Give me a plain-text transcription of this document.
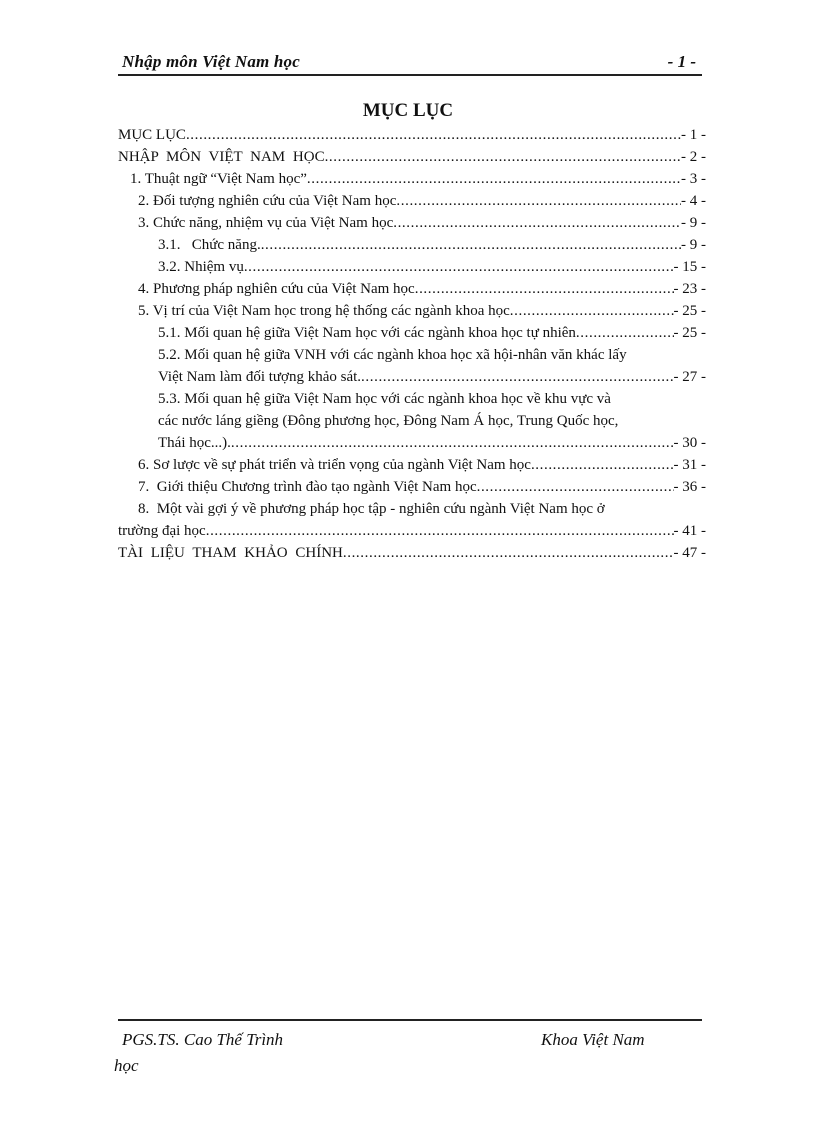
Nhập môn Việt Nam học	- 1 -
MỤC LỤC
MỤC LỤC .....	- 1 -
NHẬP MÔN VIỆT NAM HỌC .....	- 2 -
1. Thuật ngữ “Việt Nam học” .....	- 3 -
2. Đối tượng nghiên cứu của Việt Nam học .....	- 4 -
3. Chức năng, nhiệm vụ của Việt Nam học .....	- 9 -
3.1.   Chức năng. .....	- 9 -
3.2. Nhiệm vụ .....	- 15 -
4. Phương pháp nghiên cứu của Việt Nam học .....	- 23 -
5. Vị trí của Việt Nam học trong hệ thống các ngành khoa học .....	- 25 -
5.1. Mối quan hệ giữa Việt Nam học với các ngành khoa học tự nhiên .....	- 25 -
5.2. Mối quan hệ giữa VNH với các ngành khoa học xã hội-nhân văn khác lấy
Việt Nam làm đối tượng khảo sát. .....	- 27 -
5.3. Mối quan hệ giữa Việt Nam học với các ngành khoa học về khu vực và
các nước láng giềng (Đông phương học, Đông Nam Á học, Trung Quốc học,
Thái học...). .....	- 30 -
6. Sơ lược về sự phát triển và triển vọng của ngành Việt Nam học .....	- 31 -
7.  Giới thiệu Chương trình đào tạo ngành Việt Nam học .....	- 36 -
8.  Một vài gợi ý về phương pháp học tập - nghiên cứu ngành Việt Nam học ở
trường đại học .....	- 41 -
TÀI LIỆU THAM KHẢO CHÍNH .....	- 47 -
PGS.TS. Cao Thế Trình	Khoa Việt Nam
học
